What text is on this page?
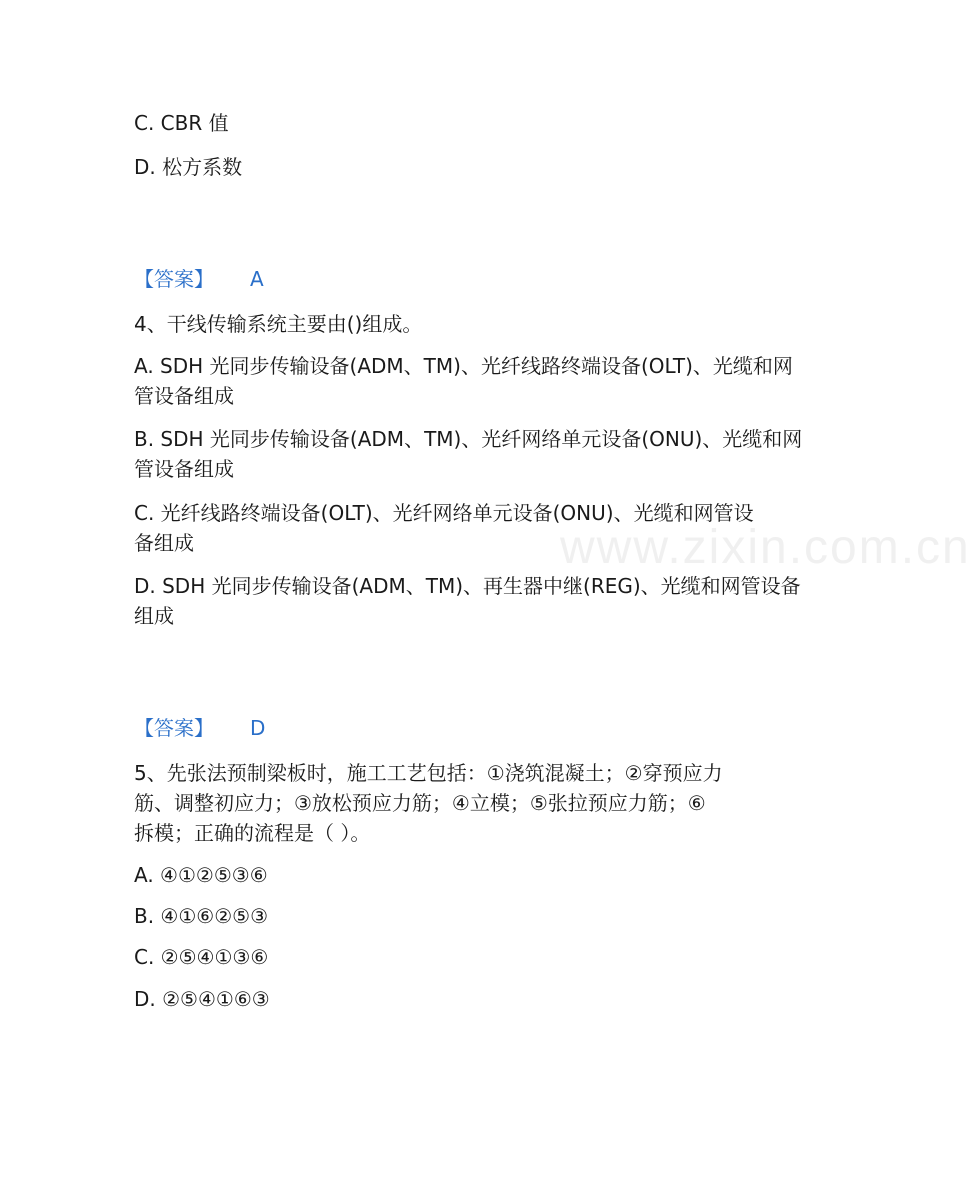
C. CBR 值
D. 松方系数
【答案】 A
4、干线传输系统主要由()组成。
A. SDH 光同步传输设备(ADM、TM)、光纤线路终端设备(OLT)、光缆和网
管设备组成
B. SDH 光同步传输设备(ADM、TM)、光纤网络单元设备(ONU)、光缆和网
管设备组成
C. 光纤线路终端设备(OLT)、光纤网络单元设备(ONU)、光缆和网管设
备组成
D. SDH 光同步传输设备(ADM、TM)、再生器中继(REG)、光缆和网管设备
组成
【答案】 D
5、先张法预制梁板时，施工工艺包括：①浇筑混凝土；②穿预应力
筋、调整初应力；③放松预应力筋；④立模；⑤张拉预应力筋；⑥
拆模；正确的流程是（ ）。
A. ④①②⑤③⑥
B. ④①⑥②⑤③
C. ②⑤④①③⑥
D. ②⑤④①⑥③
www.zixin.com.cn
